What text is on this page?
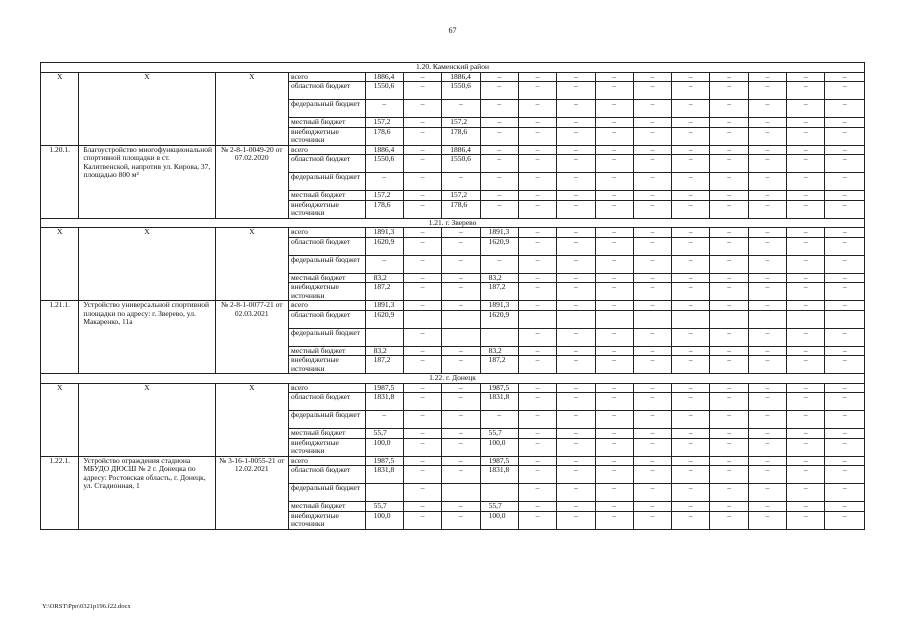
67
1.20. Каменский район																
Х	Х	Х	всего	1886,4	–	1886,4	–	–	–	–	–	–	–	–	–	–
			областной бюджет	1550,6	–	1550,6	–	–	–	–	–	–	–	–	–	–
			федеральный бюджет	–	–	–	–	–	–	–	–	–	–	–	–	–
			местный бюджет	157,2	–	157,2	–	–	–	–	–	–	–	–	–	–
			внебюджетные источники	178,6	–	178,6	–	–	–	–	–	–	–	–	–	–
1.20.1.	Благоустройство многофункциональной спортивной площадки в ст. Калитвенской, напротив ул. Кирова, 37, площадью 800 м²	№ 2-8-1-0049-20 от 07.02.2020	всего	1886,4	–	1886,4	–	–	–	–	–	–	–	–	–	–
			областной бюджет	1550,6	–	1550,6	–	–	–	–	–	–	–	–	–	–
			федеральный бюджет	–	–	–	–	–	–	–	–	–	–	–	–	–
			местный бюджет	157,2	–	157,2	–	–	–	–	–	–	–	–	–	–
			внебюджетные источники	178,6	–	178,6	–	–	–	–	–	–	–	–	–	–
1.21. г. Зверево																
Х	Х	Х	всего	1891,3	–	–	1891,3	–	–	–	–	–	–	–	–	–
			областной бюджет	1620,9	–	–	1620,9	–	–	–	–	–	–	–	–	–
			федеральный бюджет	–	–	–	–	–	–	–	–	–	–	–	–	–
			местный бюджет	83,2	–	–	83,2	–	–	–	–	–	–	–	–	–
			внебюджетные источники	187,2	–	–	187,2	–	–	–	–	–	–	–	–	–
1.21.1.	Устройство универсальной спортивной площадки по адресу: г. Зверево, ул. Макаренко, 11а	№ 2-8-1-0077-21 от 02.03.2021	всего	1891,3	–	–	1891,3	–	–	–	–	–	–	–	–	–
			областной бюджет	1620,9			1620,9									
			федеральный бюджет		–			–	–	–	–	–	–	–	–	–
			местный бюджет	83,2	–	–	83,2	–	–	–	–	–	–	–	–	–
			внебюджетные источники	187,2	–	–	187,2	–	–	–	–	–	–	–	–	–
1.22. г. Донецк																
Х	Х	Х	всего	1987,5	–	–	1987,5	–	–	–	–	–	–	–	–	–
			областной бюджет	1831,8	–	–	1831,8	–	–	–	–	–	–	–	–	–
			федеральный бюджет	–	–	–	–	–	–	–	–	–	–	–	–	–
			местный бюджет	55,7	–	–	55,7	–	–	–	–	–	–	–	–	–
			внебюджетные источники	100,0	–	–	100,0	–	–	–	–	–	–	–	–	–
1.22.1.	Устройство ограждения стадиона МБУДО ДЮСШ № 2 г. Донецка по адресу: Ростовская область, г. Донецк, ул. Стадионная, 1	№ 3-16-1-0055-21 от 12.02.2021	всего	1987,5	–	–	1987,5	–	–	–	–	–	–	–	–	–
			областной бюджет	1831,8	–	–	1831,8	–	–	–	–	–	–	–	–	–
			федеральный бюджет		–			–	–	–	–	–	–	–	–	–
			местный бюджет	55,7	–	–	55,7	–	–	–	–	–	–	–	–	–
			внебюджетные источники	100,0	–	–	100,0	–	–	–	–	–	–	–	–	–
Y:\ORST\Ppo\0321p196.f22.docx
